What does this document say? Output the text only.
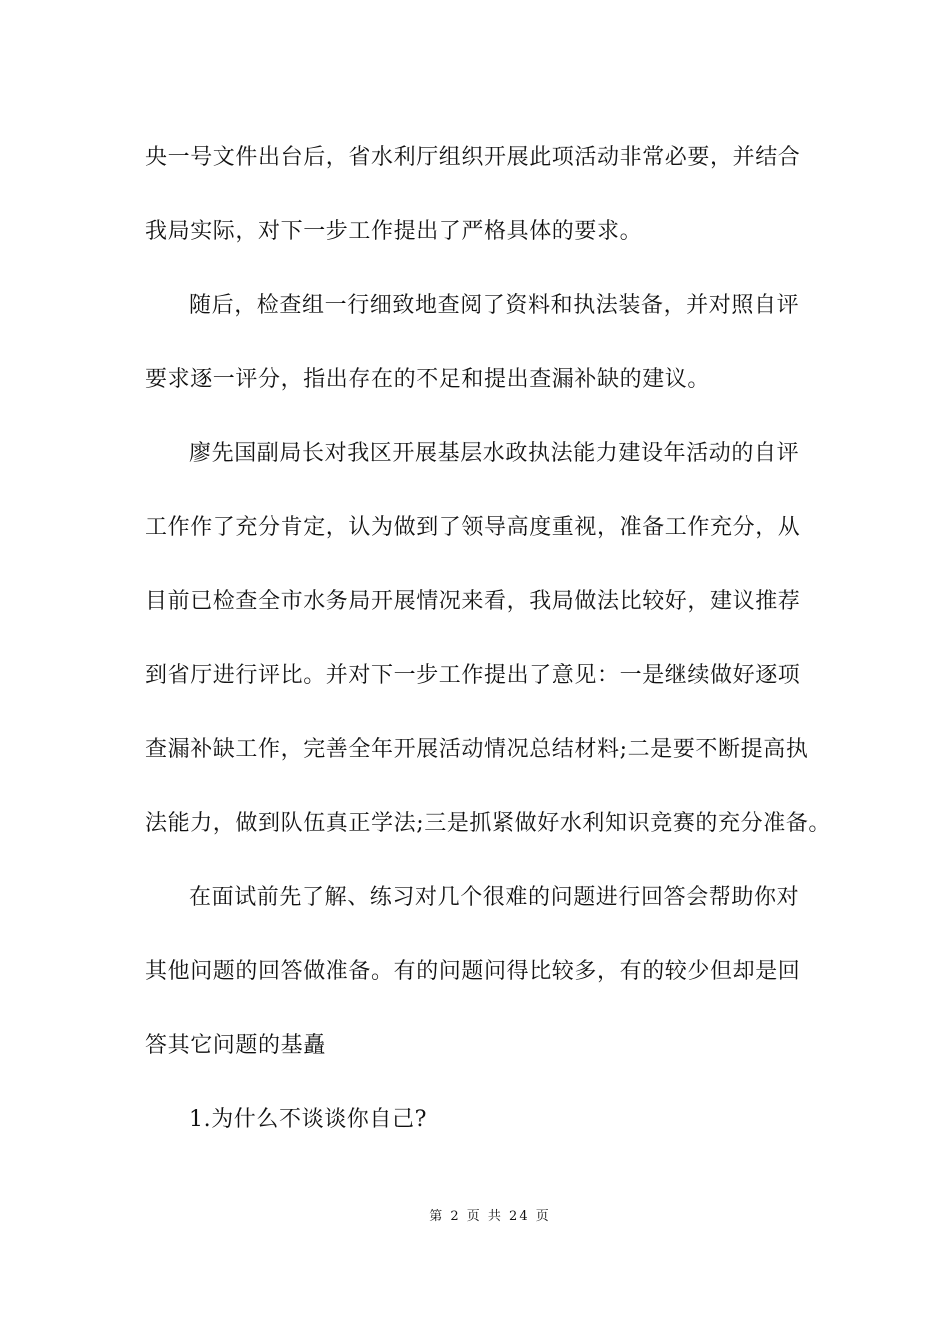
央一号文件出台后，省水利厅组织开展此项活动非常必要，并结合
我局实际，对下一步工作提出了严格具体的要求。
随后，检查组一行细致地查阅了资料和执法装备，并对照自评
要求逐一评分，指出存在的不足和提出查漏补缺的建议。
廖先国副局长对我区开展基层水政执法能力建设年活动的自评
工作作了充分肯定，认为做到了领导高度重视，准备工作充分，从
目前已检查全市水务局开展情况来看，我局做法比较好，建议推荐
到省厅进行评比。并对下一步工作提出了意见：一是继续做好逐项
查漏补缺工作，完善全年开展活动情况总结材料;二是要不断提高执
法能力，做到队伍真正学法;三是抓紧做好水利知识竞赛的充分准备。
在面试前先了解、练习对几个很难的问题进行回答会帮助你对
其他问题的回答做准备。有的问题问得比较多，有的较少但却是回
答其它问题的基矗
1.为什么不谈谈你自己?
第 2 页 共 24 页
